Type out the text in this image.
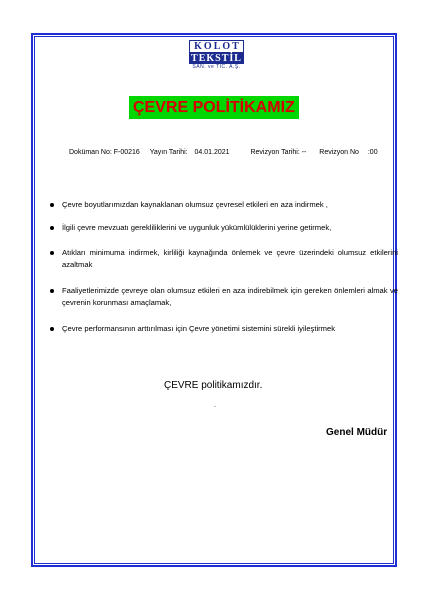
KOLOT
TEKSTİL
SAN. ve TİC. A.Ş.
ÇEVRE POLİTİKAMIZ
Doküman No: F-00216 Yayın Tarihi: 04.01.2021	Revizyon Tarihi: -- Revizyon No :00
Çevre boyutlarımızdan kaynaklanan olumsuz çevresel etkileri en aza indirmek ,
İlgili çevre mevzuatı gerekliliklerini ve uygunluk yükümlülüklerini yerine getirmek,
Atıkları minimuma indirmek, kirliliği kaynağında önlemek ve çevre üzerindeki olumsuz etkilerini azaltmak
Faaliyetlerimizde çevreye olan olumsuz etkileri en aza indirebilmek için gereken önlemleri almak ve çevrenin korunması amaçlamak,
Çevre performansının arttırılması için Çevre yönetimi sistemini sürekli iyileştirmek
ÇEVRE politikamızdır.
.
Genel Müdür
